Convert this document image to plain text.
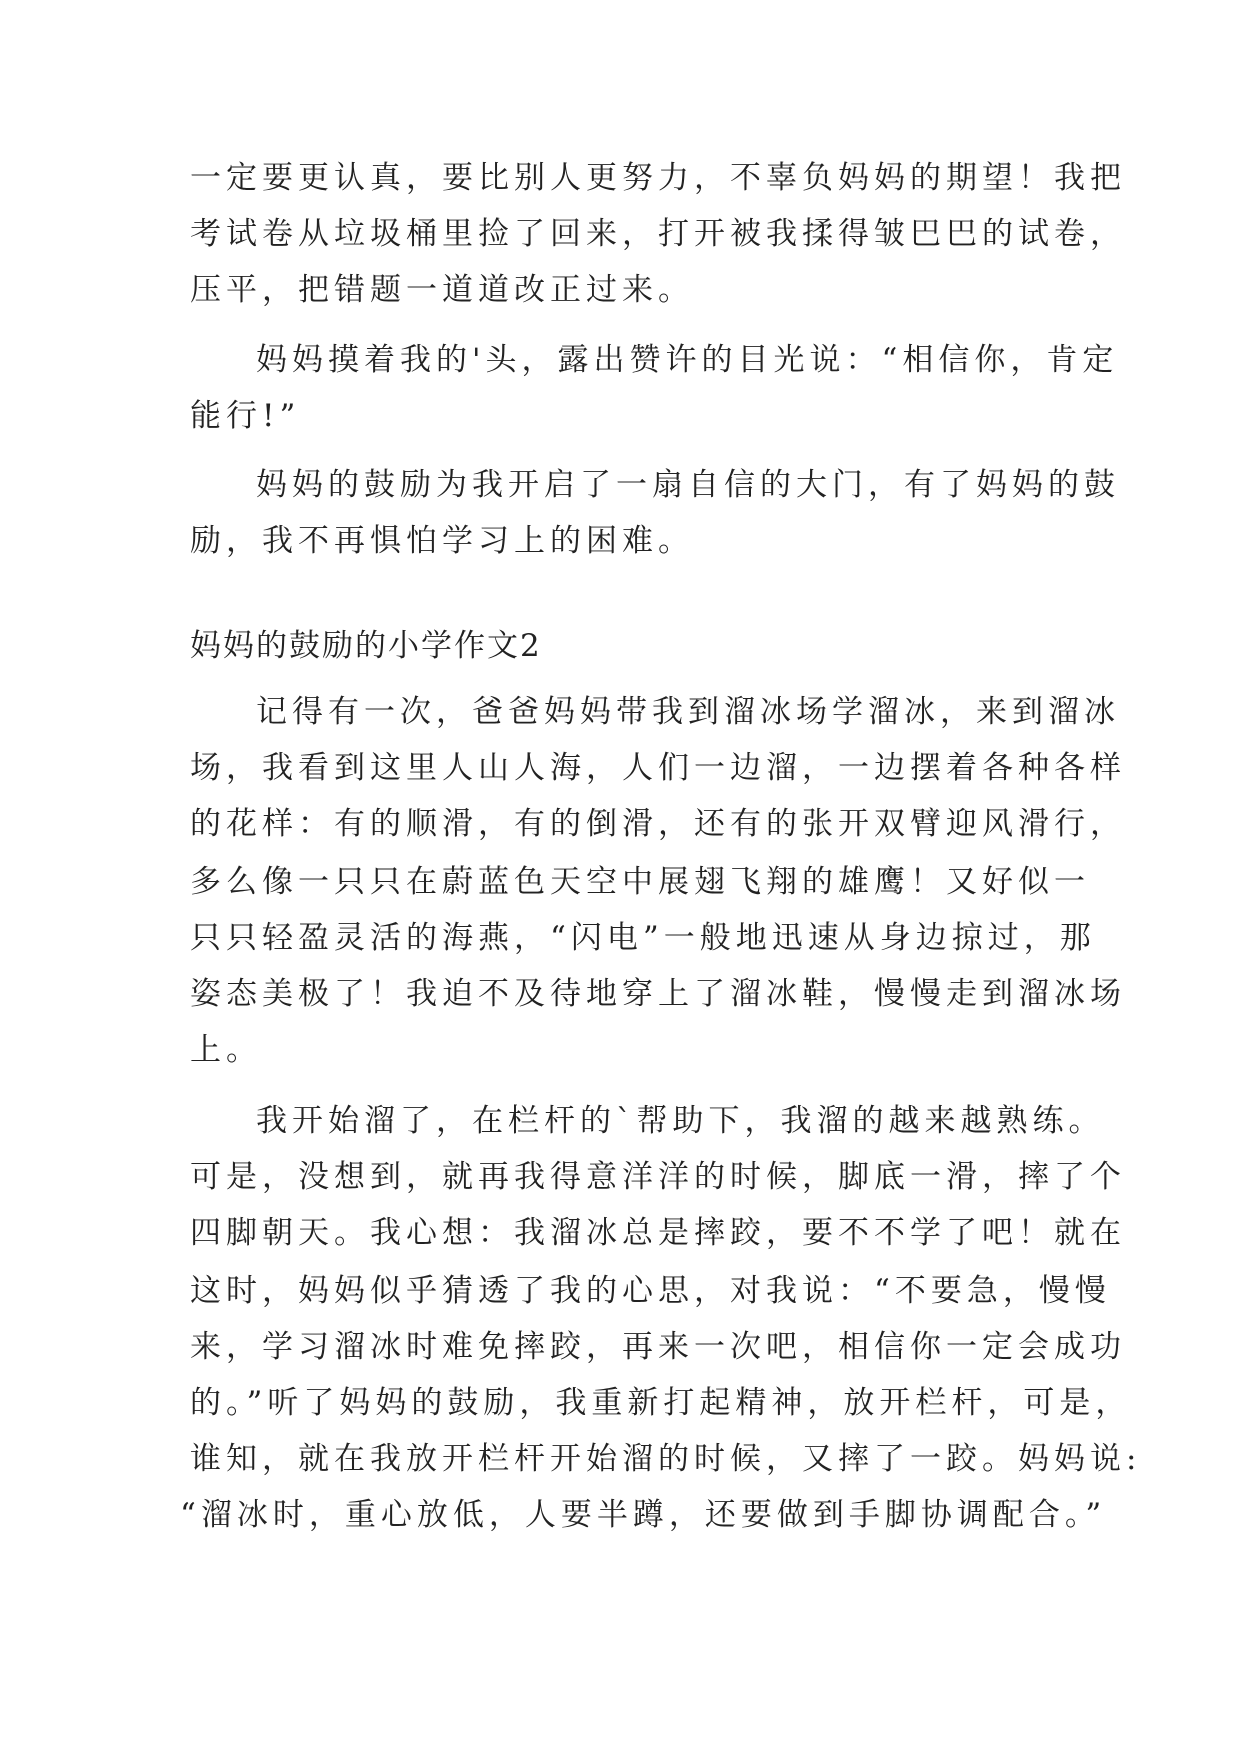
一定要更认真，要比别人更努力，不辜负妈妈的期望！我把
考试卷从垃圾桶里捡了回来，打开被我揉得皱巴巴的试卷，
压平，把错题一道道改正过来。
妈妈摸着我的'头，露出赞许的目光说：“相信你，肯定
能行!”
妈妈的鼓励为我开启了一扇自信的大门，有了妈妈的鼓
励，我不再惧怕学习上的困难。
妈妈的鼓励的小学作文2
记得有一次，爸爸妈妈带我到溜冰场学溜冰，来到溜冰
场，我看到这里人山人海，人们一边溜，一边摆着各种各样
的花样：有的顺滑，有的倒滑，还有的张开双臂迎风滑行，
多么像一只只在蔚蓝色天空中展翅飞翔的雄鹰！又好似一
只只轻盈灵活的海燕，“闪电”一般地迅速从身边掠过，那
姿态美极了！我迫不及待地穿上了溜冰鞋，慢慢走到溜冰场
上。
我开始溜了，在栏杆的`帮助下，我溜的越来越熟练。
可是，没想到，就再我得意洋洋的时候，脚底一滑，摔了个
四脚朝天。我心想：我溜冰总是摔跤，要不不学了吧！就在
这时，妈妈似乎猜透了我的心思，对我说：“不要急，慢慢
来，学习溜冰时难免摔跤，再来一次吧，相信你一定会成功
的。”听了妈妈的鼓励，我重新打起精神，放开栏杆，可是，
谁知，就在我放开栏杆开始溜的时候，又摔了一跤。妈妈说:
“溜冰时，重心放低，人要半蹲，还要做到手脚协调配合。”
